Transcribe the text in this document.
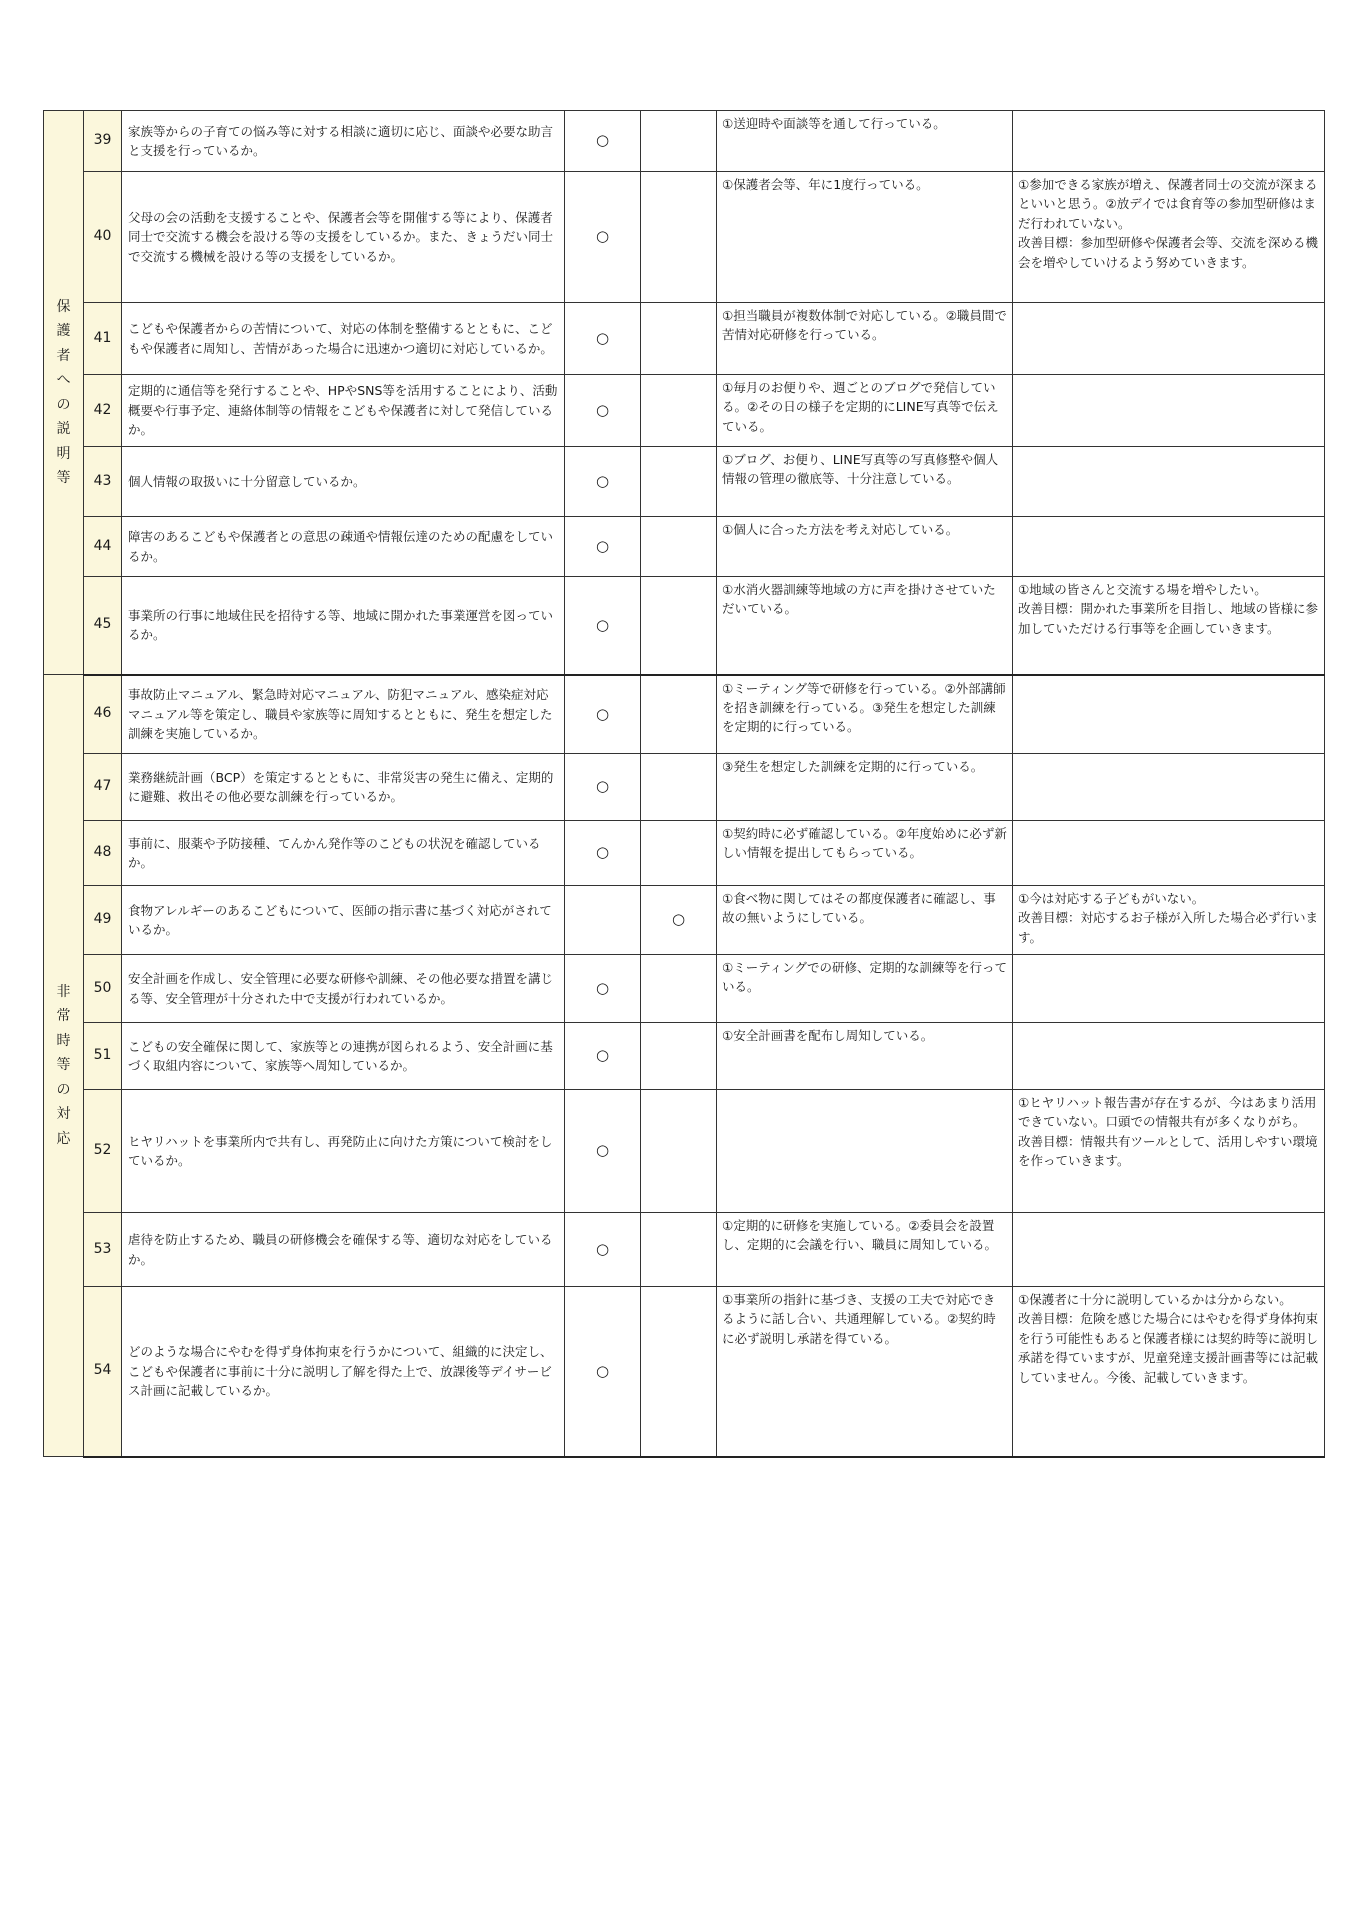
保護者への説明等	39	家族等からの子育ての悩み等に対する相談に適切に応じ、面談や必要な助言と支援を行っているか。	○		①送迎時や面談等を通して行っている。	
	40	父母の会の活動を支援することや、保護者会等を開催する等により、保護者同士で交流する機会を設ける等の支援をしているか。また、きょうだい同士で交流する機械を設ける等の支援をしているか。	○		①保護者会等、年に1度行っている。	①参加できる家族が増え、保護者同士の交流が深まるといいと思う。②放デイでは食育等の参加型研修はまだ行われていない。
改善目標：参加型研修や保護者会等、交流を深める機会を増やしていけるよう努めていきます。
	41	こどもや保護者からの苦情について、対応の体制を整備するとともに、こどもや保護者に周知し、苦情があった場合に迅速かつ適切に対応しているか。	○		①担当職員が複数体制で対応している。②職員間で苦情対応研修を行っている。	
	42	定期的に通信等を発行することや、HPやSNS等を活用することにより、活動概要や行事予定、連絡体制等の情報をこどもや保護者に対して発信しているか。	○		①毎月のお便りや、週ごとのブログで発信している。②その日の様子を定期的にLINE写真等で伝えている。	
	43	個人情報の取扱いに十分留意しているか。	○		①ブログ、お便り、LINE写真等の写真修整や個人情報の管理の徹底等、十分注意している。	
	44	障害のあるこどもや保護者との意思の疎通や情報伝達のための配慮をしているか。	○		①個人に合った方法を考え対応している。	
	45	事業所の行事に地域住民を招待する等、地域に開かれた事業運営を図っているか。	○		①水消火器訓練等地域の方に声を掛けさせていただいている。	①地域の皆さんと交流する場を増やしたい。
改善目標：開かれた事業所を目指し、地域の皆様に参加していただける行事等を企画していきます。
非常時等の対応	46	事故防止マニュアル、緊急時対応マニュアル、防犯マニュアル、感染症対応マニュアル等を策定し、職員や家族等に周知するとともに、発生を想定した訓練を実施しているか。	○		①ミーティング等で研修を行っている。②外部講師を招き訓練を行っている。③発生を想定した訓練を定期的に行っている。	
	47	業務継続計画（BCP）を策定するとともに、非常災害の発生に備え、定期的に避難、救出その他必要な訓練を行っているか。	○		③発生を想定した訓練を定期的に行っている。	
	48	事前に、服薬や予防接種、てんかん発作等のこどもの状況を確認しているか。	○		①契約時に必ず確認している。②年度始めに必ず新しい情報を提出してもらっている。	
	49	食物アレルギーのあるこどもについて、医師の指示書に基づく対応がされているか。		○	①食べ物に関してはその都度保護者に確認し、事故の無いようにしている。	①今は対応する子どもがいない。
改善目標：対応するお子様が入所した場合必ず行います。
	50	安全計画を作成し、安全管理に必要な研修や訓練、その他必要な措置を講じる等、安全管理が十分された中で支援が行われているか。	○		①ミーティングでの研修、定期的な訓練等を行っている。	
	51	こどもの安全確保に関して、家族等との連携が図られるよう、安全計画に基づく取組内容について、家族等へ周知しているか。	○		①安全計画書を配布し周知している。	
	52	ヒヤリハットを事業所内で共有し、再発防止に向けた方策について検討をしているか。	○			①ヒヤリハット報告書が存在するが、今はあまり活用できていない。口頭での情報共有が多くなりがち。
改善目標：情報共有ツールとして、活用しやすい環境を作っていきます。
	53	虐待を防止するため、職員の研修機会を確保する等、適切な対応をしているか。	○		①定期的に研修を実施している。②委員会を設置し、定期的に会議を行い、職員に周知している。	
	54	どのような場合にやむを得ず身体拘束を行うかについて、組織的に決定し、こどもや保護者に事前に十分に説明し了解を得た上で、放課後等デイサービス計画に記載しているか。	○		①事業所の指針に基づき、支援の工夫で対応できるように話し合い、共通理解している。②契約時に必ず説明し承諾を得ている。	①保護者に十分に説明しているかは分からない。
改善目標：危険を感じた場合にはやむを得ず身体拘束を行う可能性もあると保護者様には契約時等に説明し承諾を得ていますが、児童発達支援計画書等には記載していません。今後、記載していきます。
